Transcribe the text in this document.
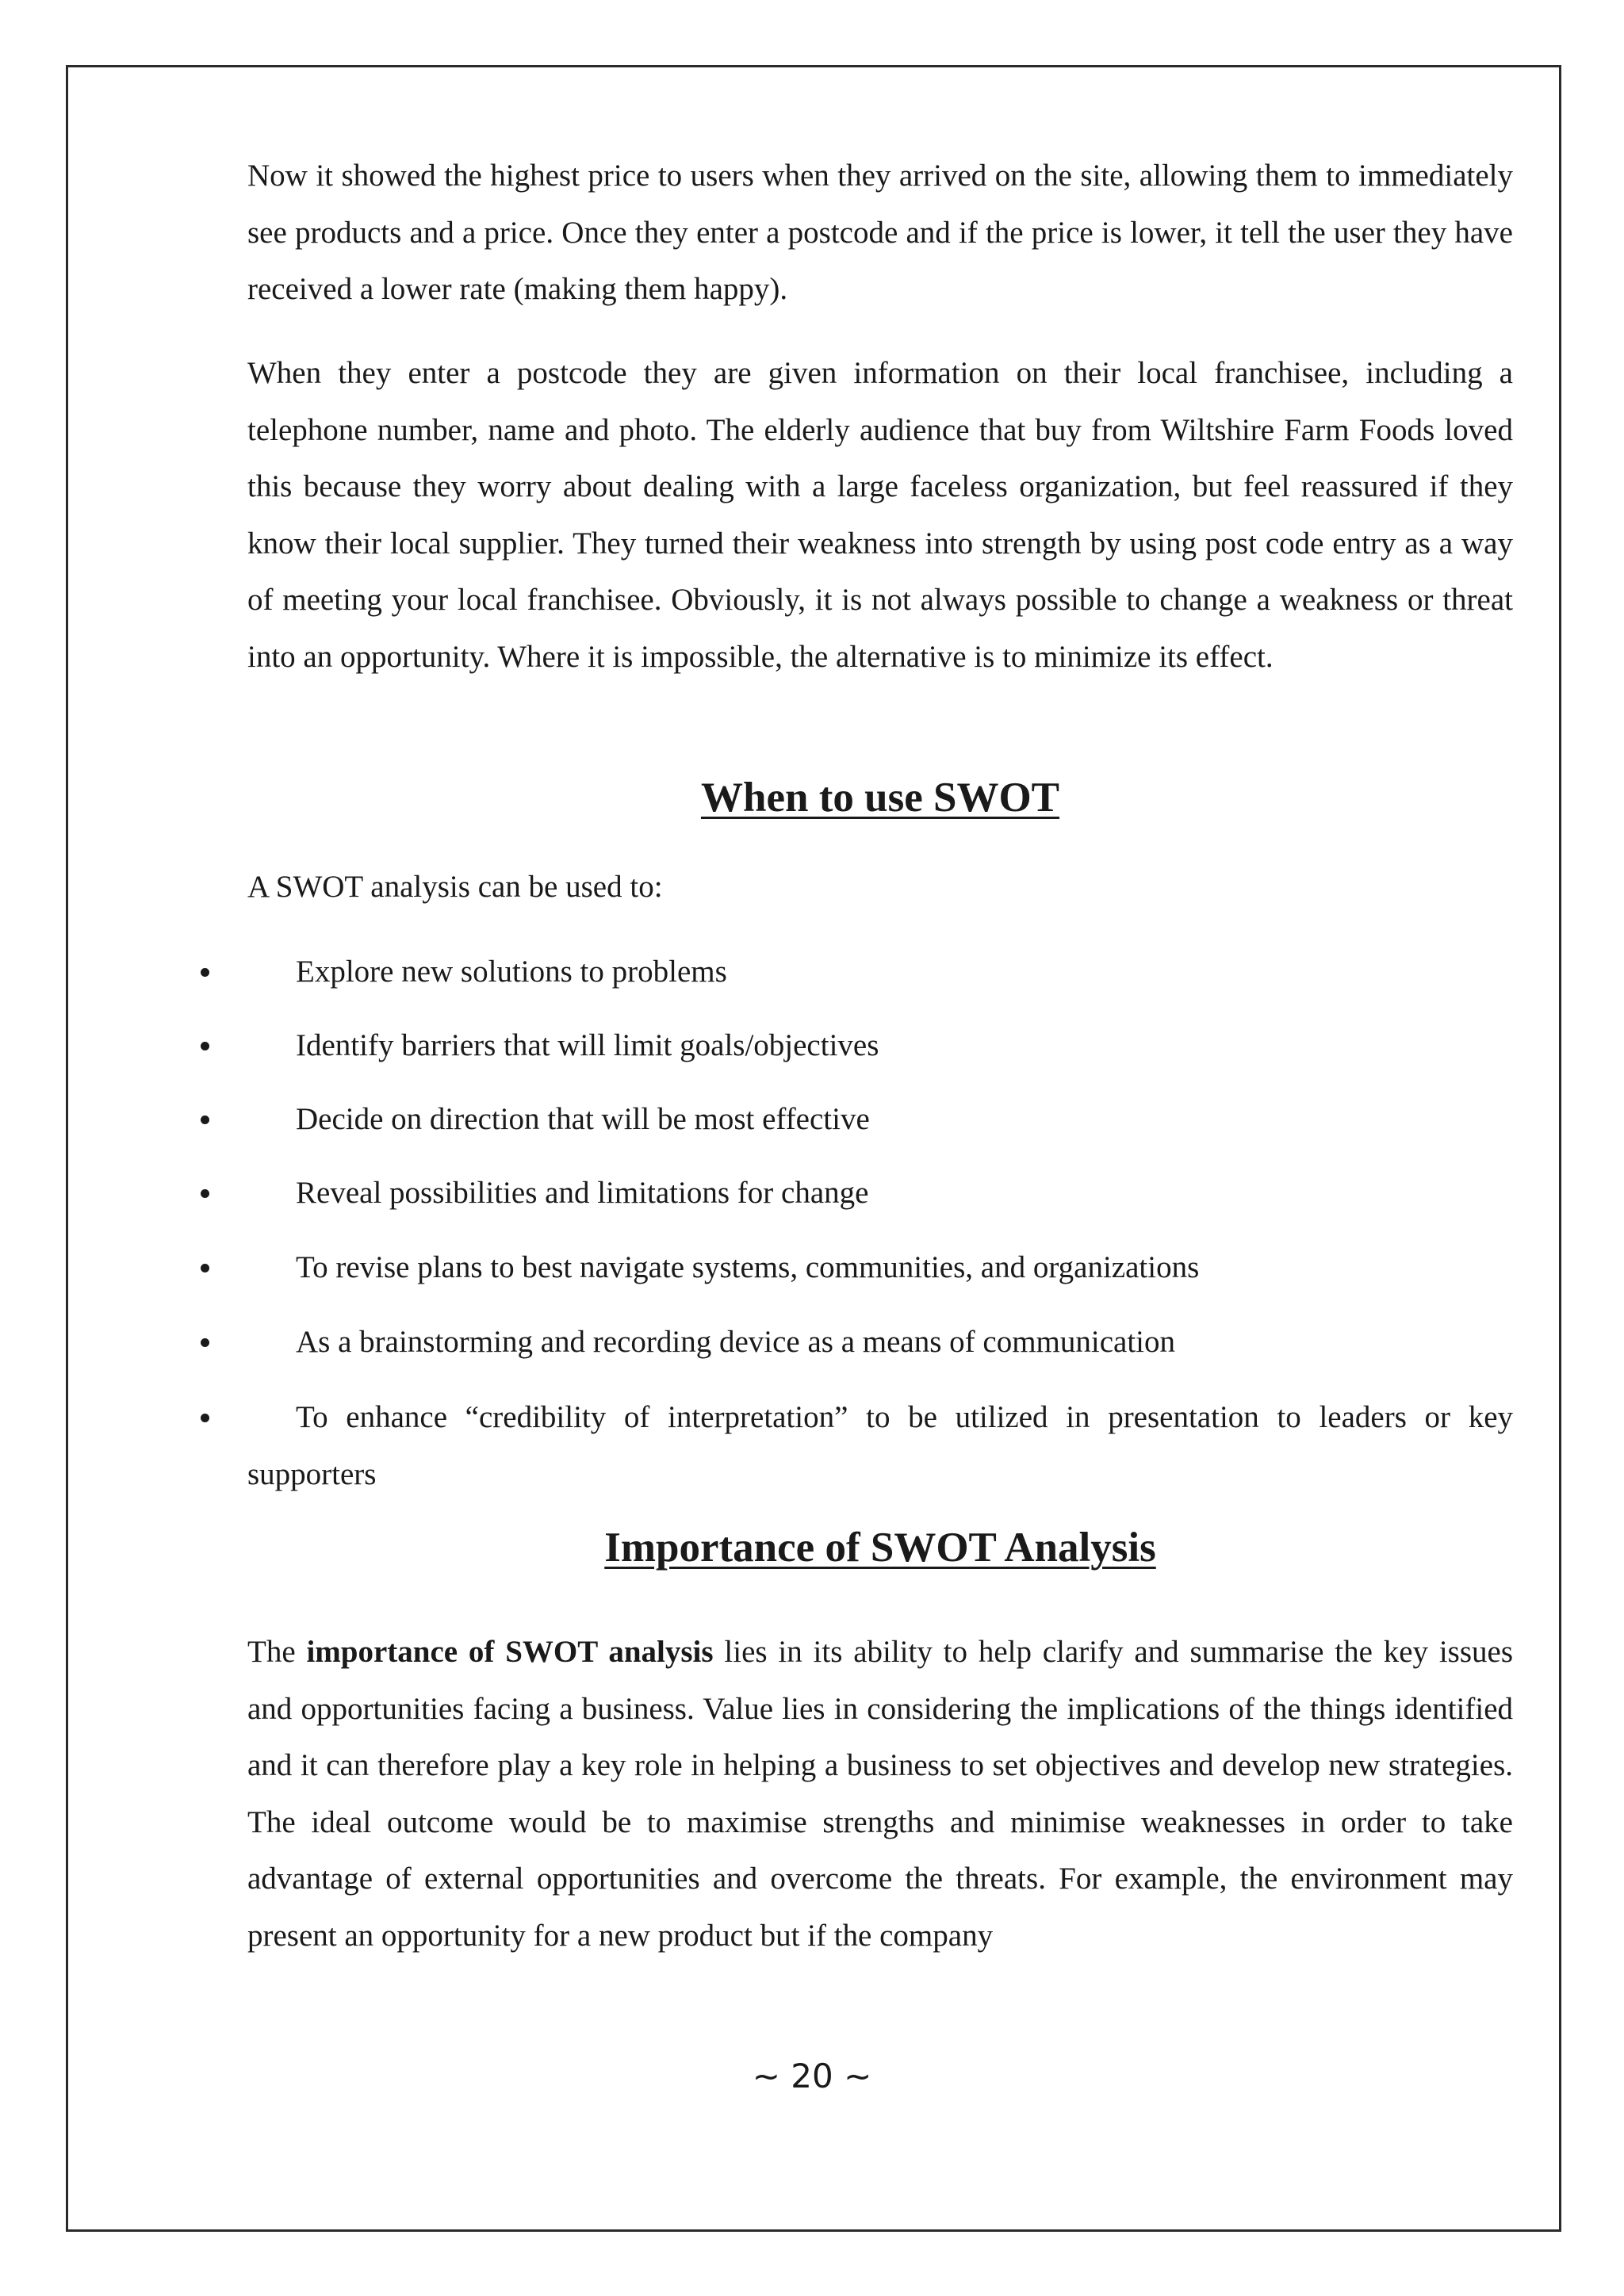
Now it showed the highest price to users when they arrived on the site, allowing them to immediately see products and a price. Once they enter a postcode and if the price is lower, it tell the user they have received a lower rate (making them happy).

When they enter a postcode they are given information on their local franchisee, including a telephone number, name and photo. The elderly audience that buy from Wiltshire Farm Foods loved this because they worry about dealing with a large faceless organization, but feel reassured if they know their local supplier. They turned their weakness into strength by using post code entry as a way of meeting your local franchisee. Obviously, it is not always possible to change a weakness or threat into an opportunity. Where it is impossible, the alternative is to minimize its effect.

When to use SWOT

A SWOT analysis can be used to:

Explore new solutions to problems
Identify barriers that will limit goals/objectives
Decide on direction that will be most effective
Reveal possibilities and limitations for change
To revise plans to best navigate systems, communities, and organizations
As a brainstorming and recording device as a means of communication
To enhance “credibility of interpretation” to be utilized in presentation to leaders or key supporters
Importance of SWOT Analysis

The importance of SWOT analysis lies in its ability to help clarify and summarise the key issues and opportunities facing a business. Value lies in considering the implications of the things identified and it can therefore play a key role in helping a business to set objectives and develop new strategies. The ideal outcome would be to maximise strengths and minimise weaknesses in order to take advantage of external opportunities and overcome the threats. For example, the environment may present an opportunity for a new product but if the company

~ 20 ~
